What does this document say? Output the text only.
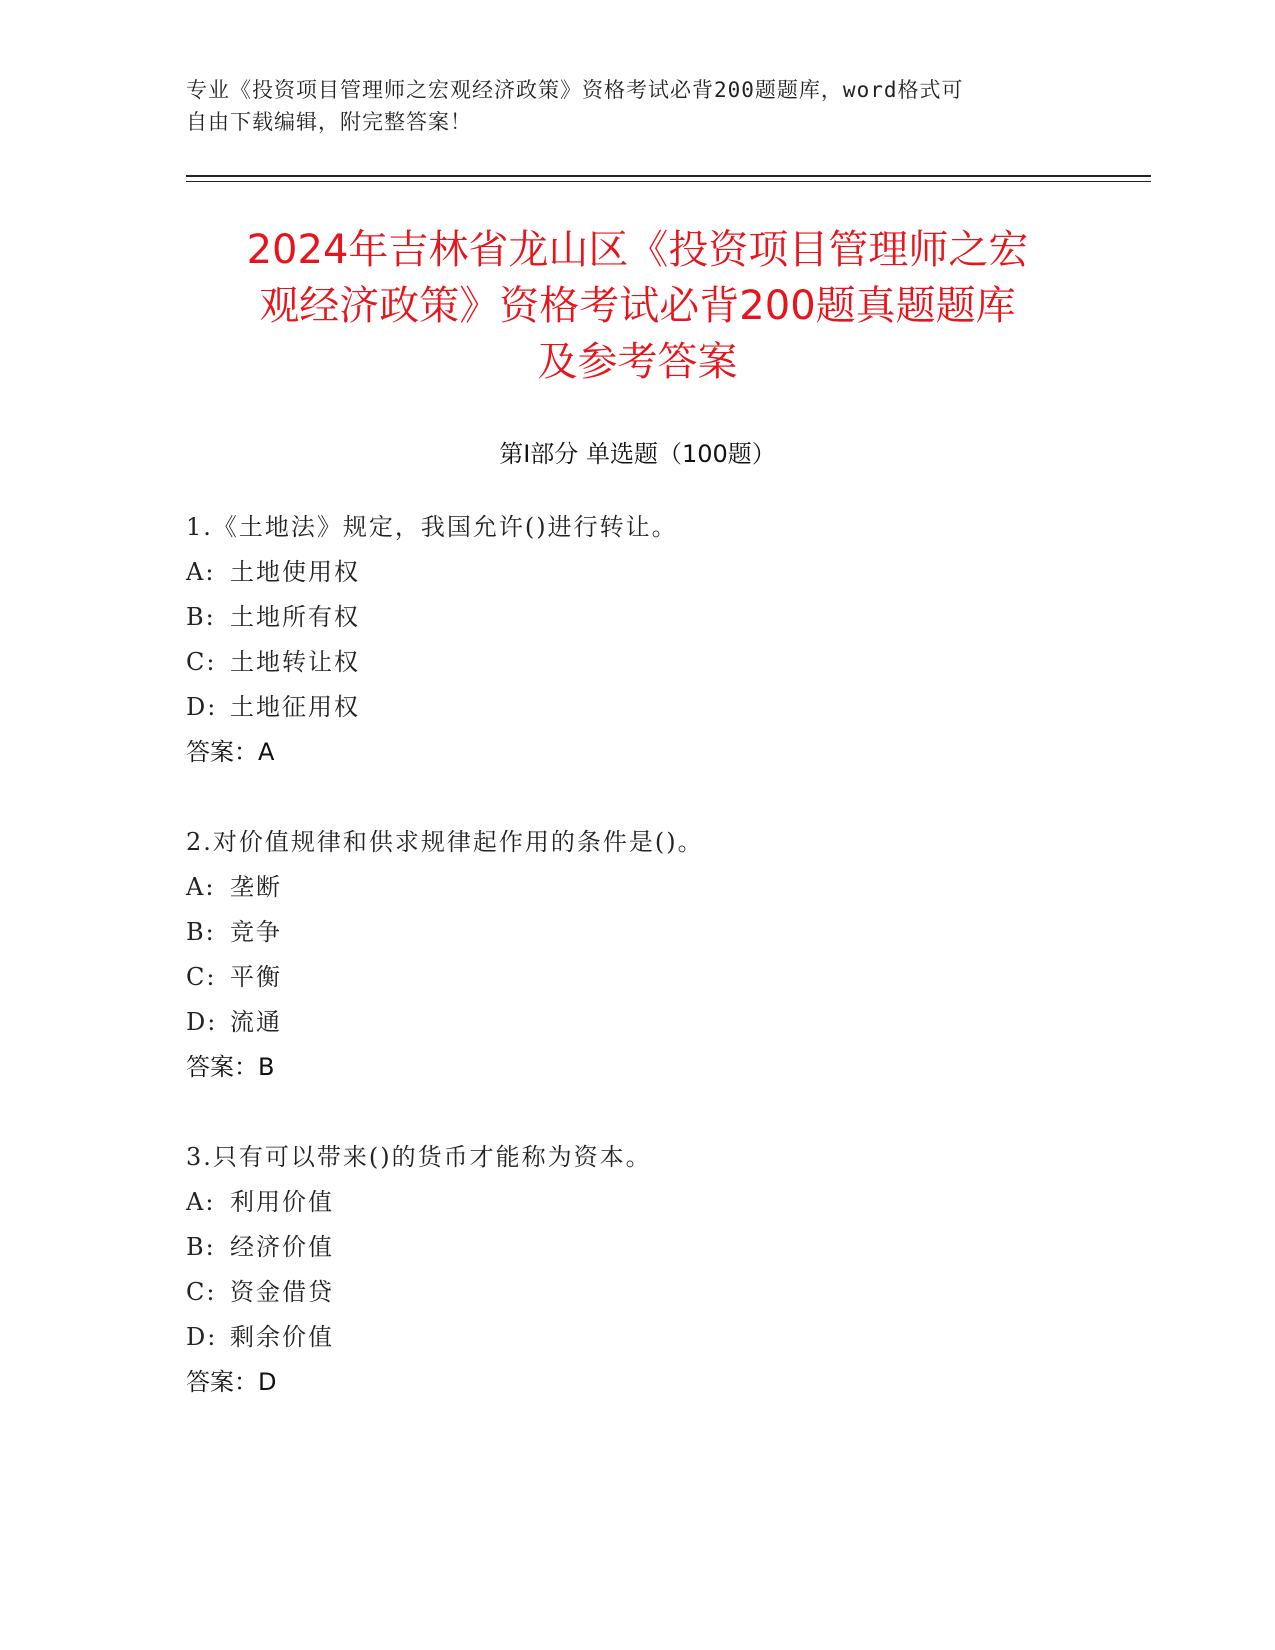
专业《投资项目管理师之宏观经济政策》资格考试必背200题题库，word格式可
自由下载编辑，附完整答案！
2024年吉林省龙山区《投资项目管理师之宏
观经济政策》资格考试必背200题真题题库
及参考答案
第Ⅰ部分 单选题（100题）
1.《土地法》规定，我国允许()进行转让。
A: 土地使用权
B: 土地所有权
C: 土地转让权
D: 土地征用权
答案：A
2.对价值规律和供求规律起作用的条件是()。
A: 垄断
B: 竞争
C: 平衡
D: 流通
答案：B
3.只有可以带来()的货币才能称为资本。
A: 利用价值
B: 经济价值
C: 资金借贷
D: 剩余价值
答案：D
